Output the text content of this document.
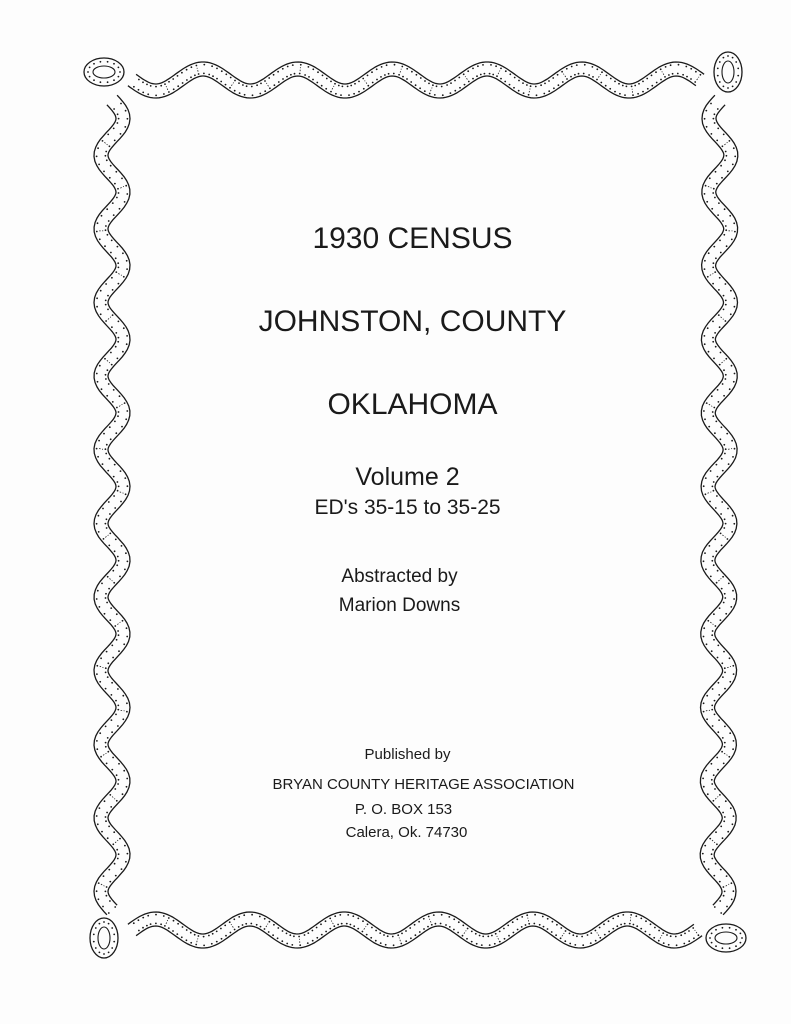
1930 CENSUS
JOHNSTON, COUNTY
OKLAHOMA
Volume 2
ED's 35-15 to 35-25
Abstracted by
Marion Downs
Published by
BRYAN COUNTY HERITAGE ASSOCIATION
P. O. BOX 153
Calera, Ok. 74730
